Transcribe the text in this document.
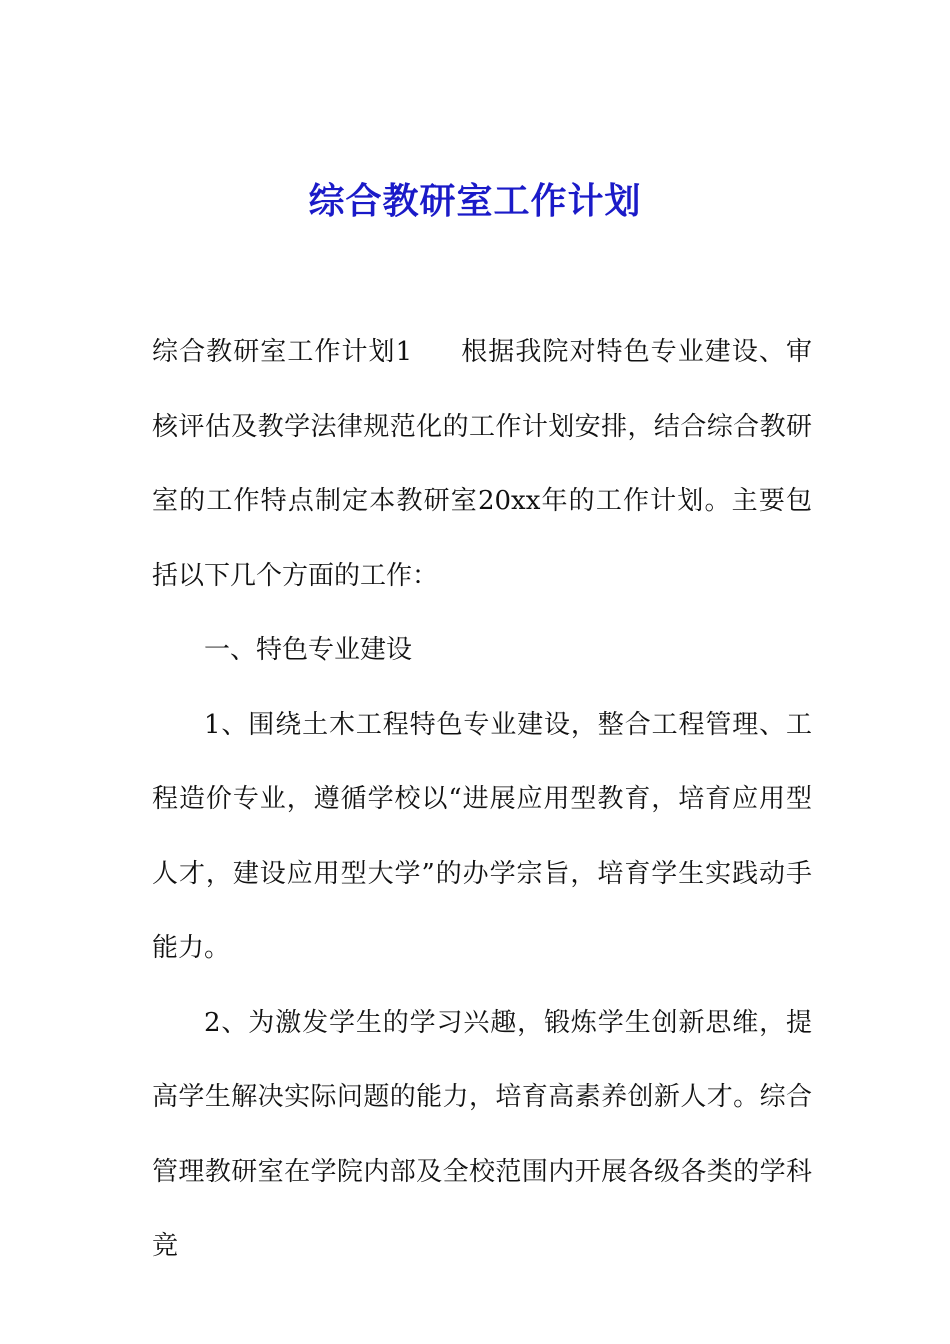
综合教研室工作计划

综合教研室工作计划1 根据我院对特色专业建设、审核评估及教学法律规范化的工作计划安排，结合综合教研室的工作特点制定本教研室20xx年的工作计划。主要包括以下几个方面的工作：

一、特色专业建设

1、围绕土木工程特色专业建设，整合工程管理、工程造价专业，遵循学校以“进展应用型教育，培育应用型人才，建设应用型大学”的办学宗旨，培育学生实践动手能力。

2、为激发学生的学习兴趣，锻炼学生创新思维，提高学生解决实际问题的能力，培育高素养创新人才。综合管理教研室在学院内部及全校范围内开展各级各类的学科竞
